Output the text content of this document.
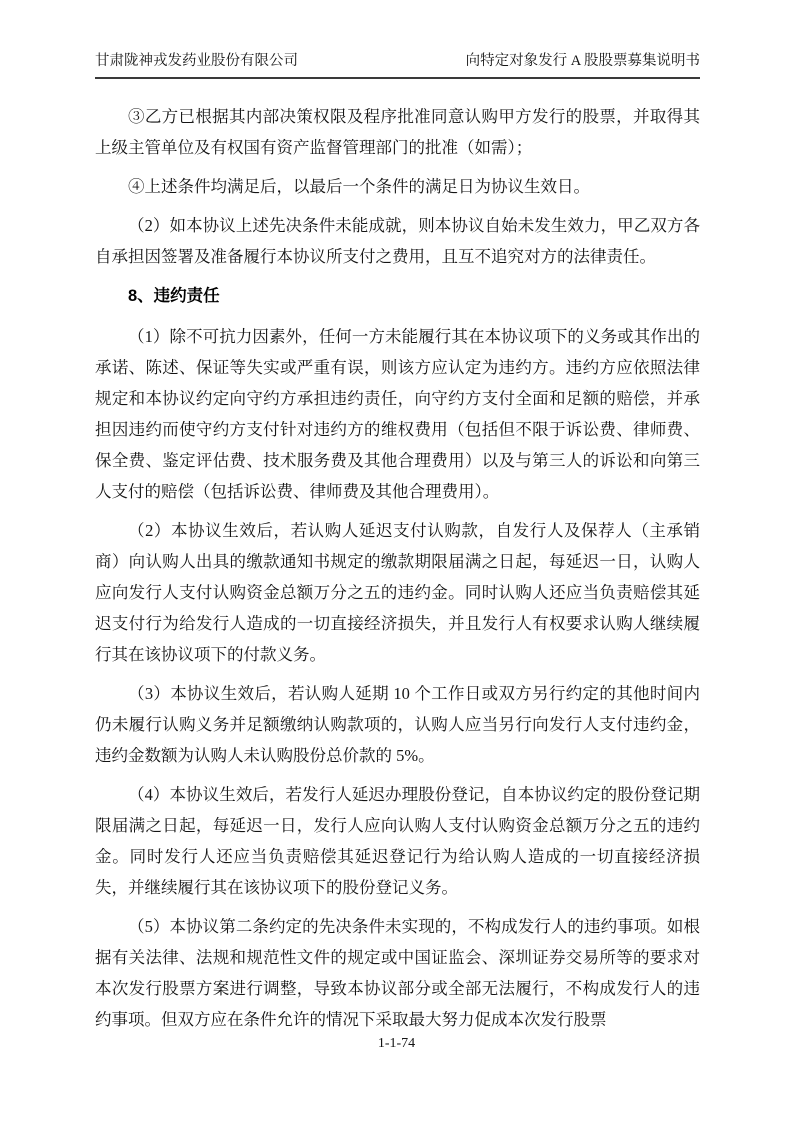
甘肃陇神戎发药业股份有限公司	向特定对象发行 A 股股票募集说明书

③乙方已根据其内部决策权限及程序批准同意认购甲方发行的股票，并取得其上级主管单位及有权国有资产监督管理部门的批准（如需）；

④上述条件均满足后，以最后一个条件的满足日为协议生效日。

（2）如本协议上述先决条件未能成就，则本协议自始未发生效力，甲乙双方各自承担因签署及准备履行本协议所支付之费用，且互不追究对方的法律责任。

8、违约责任

（1）除不可抗力因素外，任何一方未能履行其在本协议项下的义务或其作出的承诺、陈述、保证等失实或严重有误，则该方应认定为违约方。违约方应依照法律规定和本协议约定向守约方承担违约责任，向守约方支付全面和足额的赔偿，并承担因违约而使守约方支付针对违约方的维权费用（包括但不限于诉讼费、律师费、保全费、鉴定评估费、技术服务费及其他合理费用）以及与第三人的诉讼和向第三人支付的赔偿（包括诉讼费、律师费及其他合理费用）。

（2）本协议生效后，若认购人延迟支付认购款，自发行人及保荐人（主承销商）向认购人出具的缴款通知书规定的缴款期限届满之日起，每延迟一日，认购人应向发行人支付认购资金总额万分之五的违约金。同时认购人还应当负责赔偿其延迟支付行为给发行人造成的一切直接经济损失，并且发行人有权要求认购人继续履行其在该协议项下的付款义务。

（3）本协议生效后，若认购人延期 10 个工作日或双方另行约定的其他时间内仍未履行认购义务并足额缴纳认购款项的，认购人应当另行向发行人支付违约金，违约金数额为认购人未认购股份总价款的 5%。

（4）本协议生效后，若发行人延迟办理股份登记，自本协议约定的股份登记期限届满之日起，每延迟一日，发行人应向认购人支付认购资金总额万分之五的违约金。同时发行人还应当负责赔偿其延迟登记行为给认购人造成的一切直接经济损失，并继续履行其在该协议项下的股份登记义务。

（5）本协议第二条约定的先决条件未实现的，不构成发行人的违约事项。如根据有关法律、法规和规范性文件的规定或中国证监会、深圳证券交易所等的要求对本次发行股票方案进行调整，导致本协议部分或全部无法履行，不构成发行人的违约事项。但双方应在条件允许的情况下采取最大努力促成本次发行股票

1-1-74
